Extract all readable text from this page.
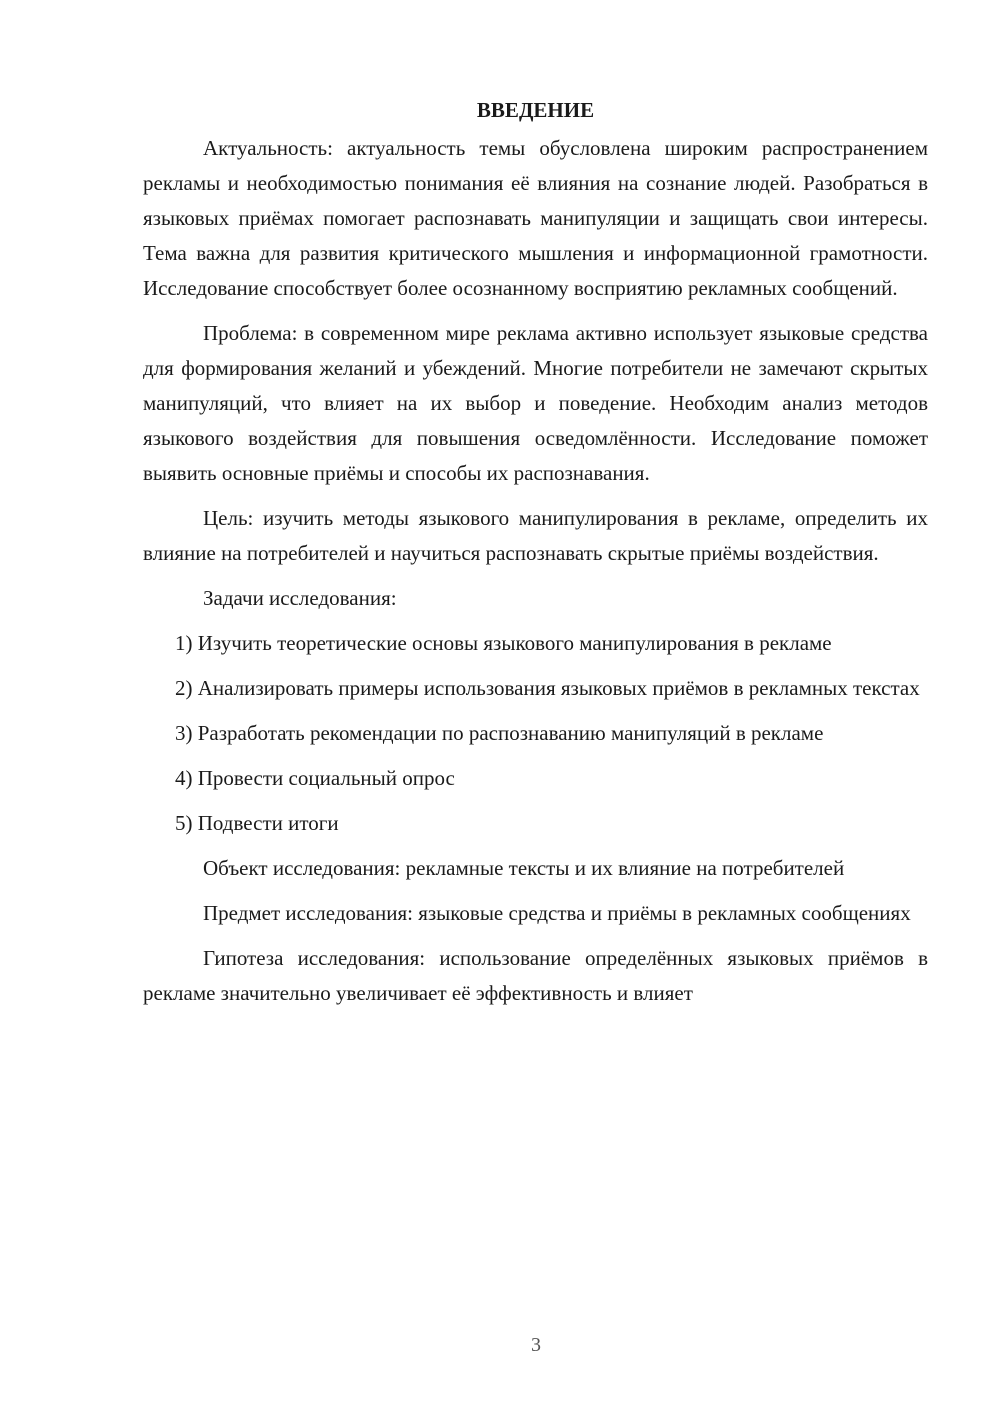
ВВЕДЕНИЕ

Актуальность: актуальность темы обусловлена широким распространением рекламы и необходимостью понимания её влияния на сознание людей. Разобраться в языковых приёмах помогает распознавать манипуляции и защищать свои интересы. Тема важна для развития критического мышления и информационной грамотности. Исследование способствует более осознанному восприятию рекламных сообщений.

Проблема: в современном мире реклама активно использует языковые средства для формирования желаний и убеждений. Многие потребители не замечают скрытых манипуляций, что влияет на их выбор и поведение. Необходим анализ методов языкового воздействия для повышения осведомлённости. Исследование поможет выявить основные приёмы и способы их распознавания.

Цель: изучить методы языкового манипулирования в рекламе, определить их влияние на потребителей и научиться распознавать скрытые приёмы воздействия.

Задачи исследования:

1) Изучить теоретические основы языкового манипулирования в рекламе

2) Анализировать примеры использования языковых приёмов в рекламных текстах

3) Разработать рекомендации по распознаванию манипуляций в рекламе

4) Провести социальный опрос

5) Подвести итоги

Объект исследования: рекламные тексты и их влияние на потребителей

Предмет исследования: языковые средства и приёмы в рекламных сообщениях

Гипотеза исследования: использование определённых языковых приёмов в рекламе значительно увеличивает её эффективность и влияет

3
